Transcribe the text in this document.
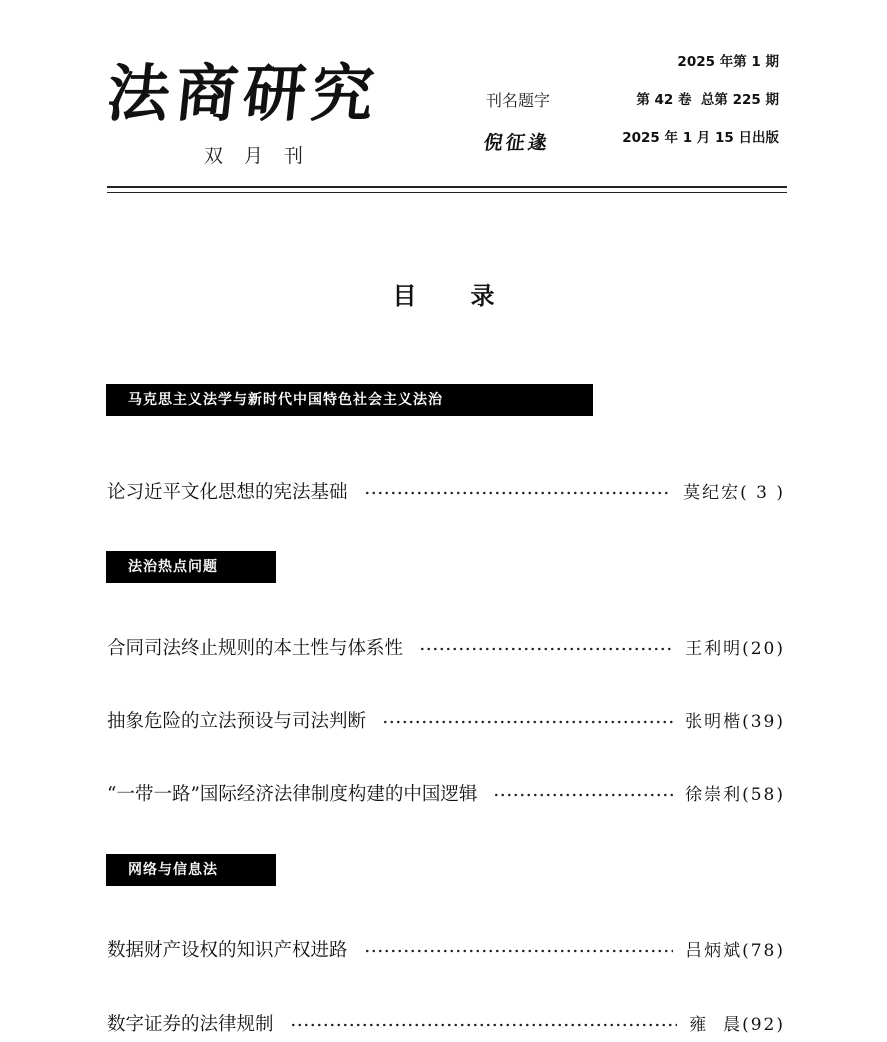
法商研究
双月刊
刊名题字
倪征𨔵
2025 年第 1 期
第 42 卷  总第 225 期
2025 年 1 月 15 日出版
目录
马克思主义法学与新时代中国特色社会主义法治
论习近平文化思想的宪法基础	莫纪宏( 3 )
法治热点问题
合同司法终止规则的本土性与体系性	王利明(20)
抽象危险的立法预设与司法判断	张明楷(39)
“一带一路”国际经济法律制度构建的中国逻辑	徐崇利(58)
网络与信息法
数据财产设权的知识产权进路	吕炳斌(78)
数字证券的法律规制	雍  晨(92)
